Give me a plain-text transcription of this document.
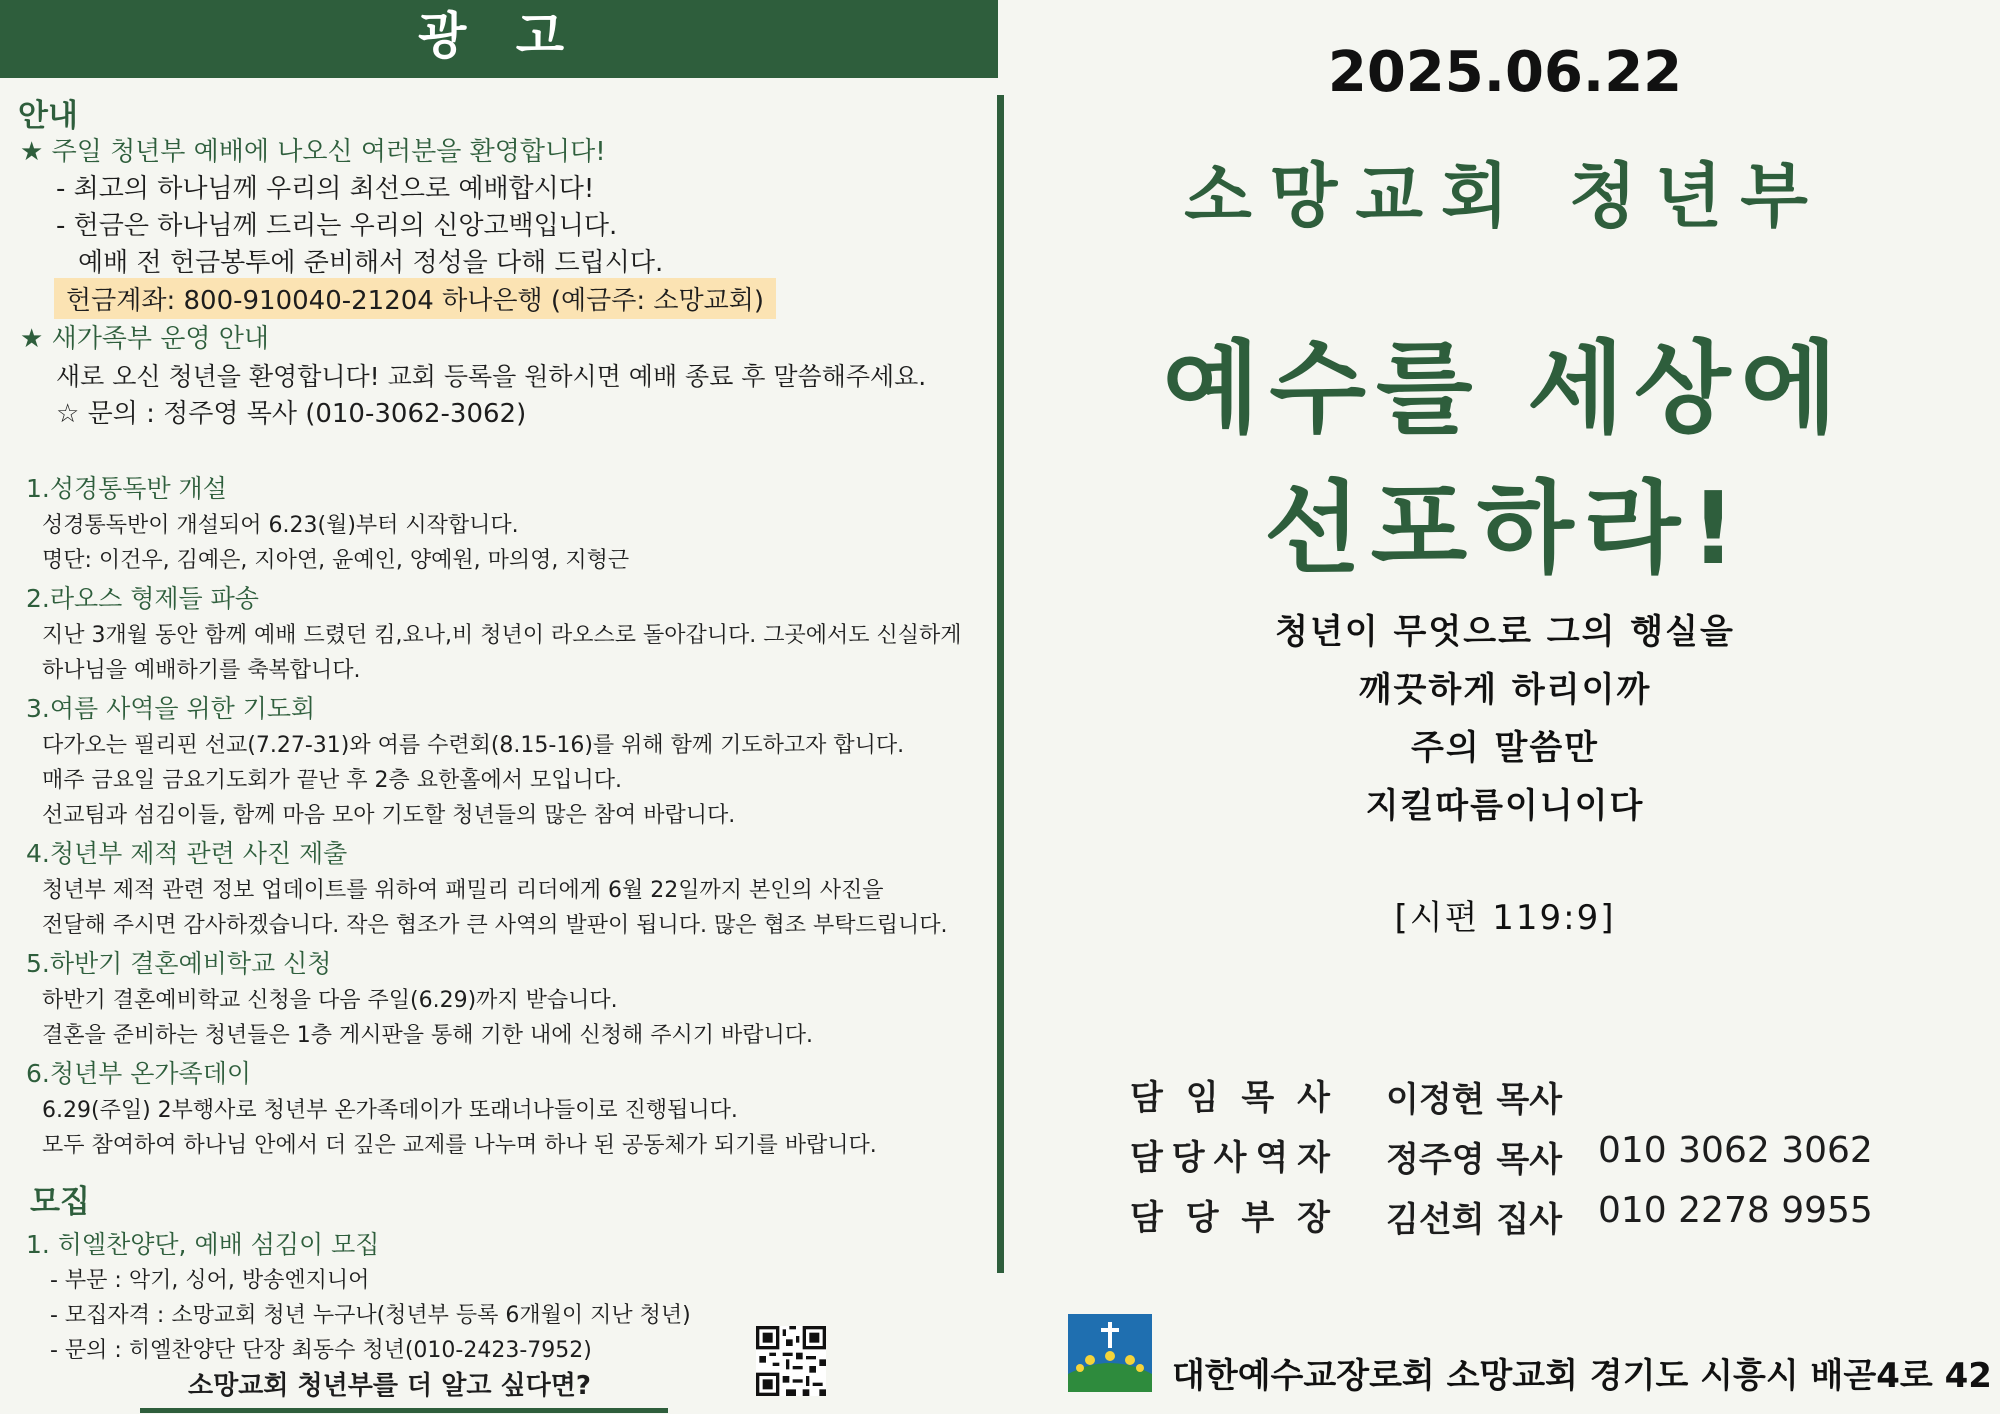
광 고
안내
★ 주일 청년부 예배에 나오신 여러분을 환영합니다!
- 최고의 하나님께 우리의 최선으로 예배합시다!
- 헌금은 하나님께 드리는 우리의 신앙고백입니다.
예배 전 헌금봉투에 준비해서 정성을 다해 드립시다.
헌금계좌: 800-910040-21204 하나은행 (예금주: 소망교회)
★ 새가족부 운영 안내
새로 오신 청년을 환영합니다! 교회 등록을 원하시면 예배 종료 후 말씀해주세요.
☆ 문의 : 정주영 목사 (010-3062-3062)
1.성경통독반 개설
성경통독반이 개설되어 6.23(월)부터 시작합니다.
명단: 이건우, 김예은, 지아연, 윤예인, 양예원, 마의영, 지형근
2.라오스 형제들 파송
지난 3개월 동안 함께 예배 드렸던 킴,요나,비 청년이 라오스로 돌아갑니다. 그곳에서도 신실하게
하나님을 예배하기를 축복합니다.
3.여름 사역을 위한 기도회
다가오는 필리핀 선교(7.27-31)와 여름 수련회(8.15-16)를 위해 함께 기도하고자 합니다.
매주 금요일 금요기도회가 끝난 후 2층 요한홀에서 모입니다.
선교팀과 섬김이들, 함께 마음 모아 기도할 청년들의 많은 참여 바랍니다.
4.청년부 제적 관련 사진 제출
청년부 제적 관련 정보 업데이트를 위하여 패밀리 리더에게 6월 22일까지 본인의 사진을
전달해 주시면 감사하겠습니다. 작은 협조가 큰 사역의 발판이 됩니다. 많은 협조 부탁드립니다.
5.하반기 결혼예비학교 신청
하반기 결혼예비학교 신청을 다음 주일(6.29)까지 받습니다.
결혼을 준비하는 청년들은 1층 게시판을 통해 기한 내에 신청해 주시기 바랍니다.
6.청년부 온가족데이
6.29(주일) 2부행사로 청년부 온가족데이가 또래너나들이로 진행됩니다.
모두 참여하여 하나님 안에서 더 깊은 교제를 나누며 하나 된 공동체가 되기를 바랍니다.
모집
1. 히엘찬양단, 예배 섬김이 모집
- 부문 : 악기, 싱어, 방송엔지니어
- 모집자격 : 소망교회 청년 누구나(청년부 등록 6개월이 지난 청년)
- 문의 : 히엘찬양단 단장 최동수 청년(010-2423-7952)
소망교회 청년부를 더 알고 싶다면?
2025.06.22
소망교회 청년부
예수를 세상에
선포하라!
청년이 무엇으로 그의 행실을
깨끗하게 하리이까
주의 말씀만
지킬따름이니이다
[시편 119:9]
담 임 목 사 이정현 목사
담 당 사 역 자 정주영 목사 010 3062 3062
담 당 부 장 김선희 집사 010 2278 9955
대한예수교장로회 소망교회 경기도 시흥시 배곧4로 42
